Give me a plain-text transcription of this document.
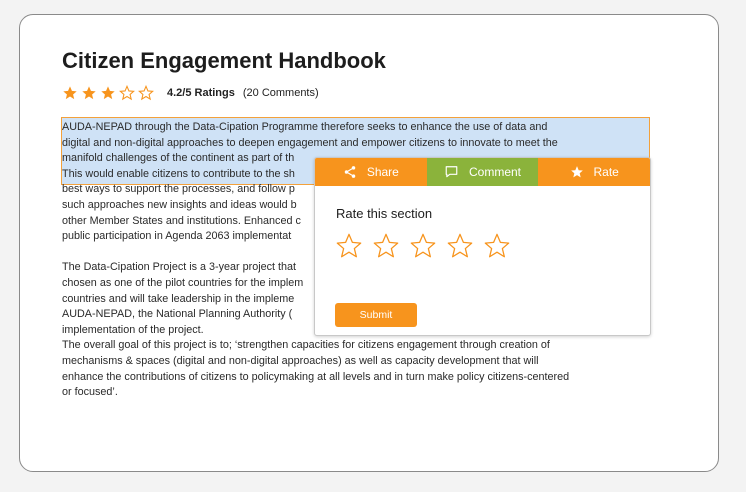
Citizen Engagement Handbook
4.2/5 Ratings (20 Comments)

AUDA-NEPAD through the Data-Cipation Programme therefore seeks to enhance the use of data and

digital and non-digital approaches to deepen engagement and empower citizens to innovate to meet the

manifold challenges of the continent as part of th

This would enable citizens to contribute to the sh

best ways to support the processes, and follow p

such approaches new insights and ideas would b

other Member States and institutions. Enhanced c

public participation in Agenda 2063 implementat

The Data-Cipation Project is a 3-year project that

chosen as one of the pilot countries for the implem

countries and will take leadership in the impleme

AUDA-NEPAD, the National Planning Authority (

implementation of the project.

The overall goal of this project is to; ‘strengthen capacities for citizens engagement through creation of

mechanisms & spaces (digital and non-digital approaches) as well as capacity development that will

enhance the contributions of citizens to policymaking at all levels and in turn make policy citizens-centered

or focused’.

Share	Comment	Rate
Rate this section
Submit
